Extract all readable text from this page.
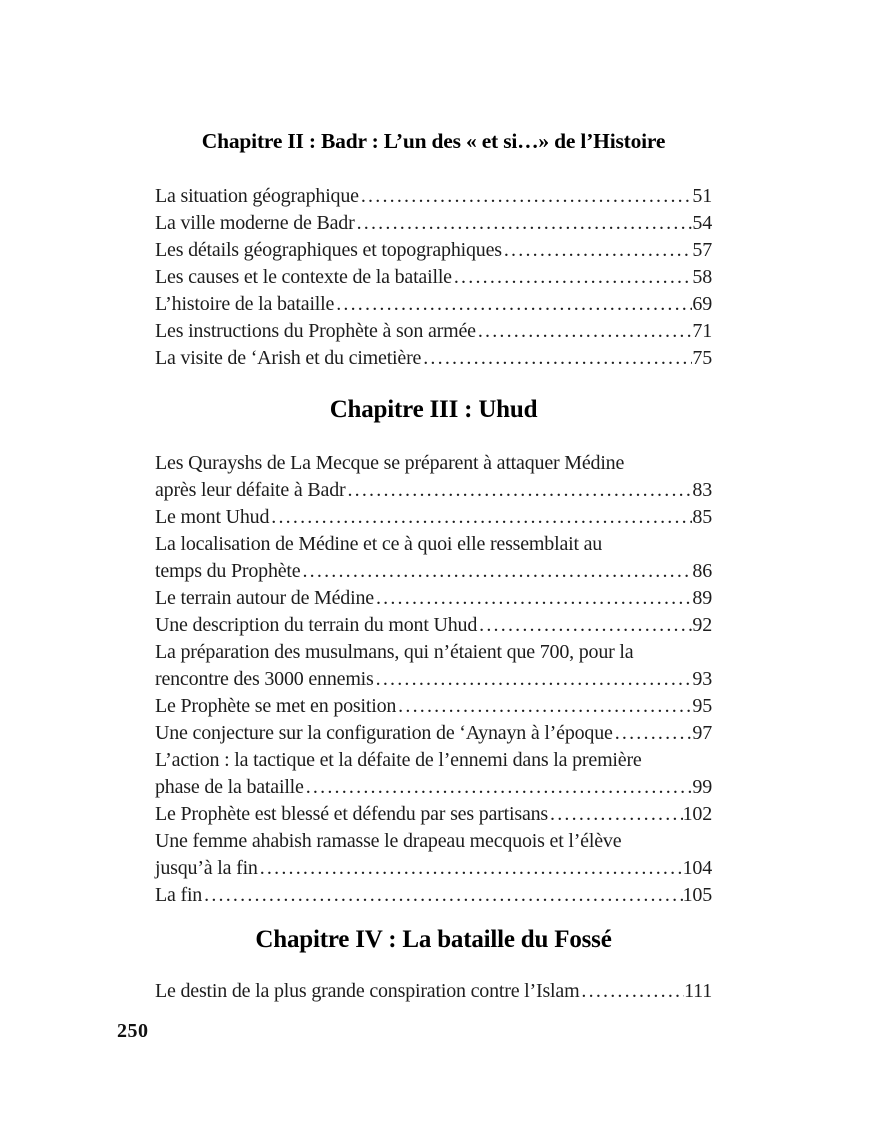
Chapitre II : Badr : L’un des « et si…» de l’Histoire
La situation géographique .....	51
La ville moderne de Badr .....	54
Les détails géographiques et topographiques .....	57
Les causes et le contexte de la bataille .....	58
L’histoire de la bataille .....	69
Les instructions du Prophète à son armée .....	71
La visite de ‘Arish et du cimetière .....	75
Chapitre III : Uhud
Les Qurayshs de La Mecque se préparent à attaquer Médine
après leur défaite à Badr .....	83
Le mont Uhud .....	85
La localisation de Médine et ce à quoi elle ressemblait au
temps du Prophète .....	86
Le terrain autour de Médine .....	89
Une description du terrain du mont Uhud .....	92
La préparation des musulmans, qui n’étaient que 700, pour la
rencontre des 3000 ennemis .....	93
Le Prophète se met en position .....	95
Une conjecture sur la configuration de ‘Aynayn à l’époque .....	97
L’action : la tactique et la défaite de l’ennemi dans la première
phase de la bataille .....	99
Le Prophète est blessé et défendu par ses partisans .....	102
Une femme ahabish ramasse le drapeau mecquois et l’élève
jusqu’à la fin .....	104
La fin .....	105
Chapitre IV : La bataille du Fossé
Le destin de la plus grande conspiration contre l’Islam .....	111
250
